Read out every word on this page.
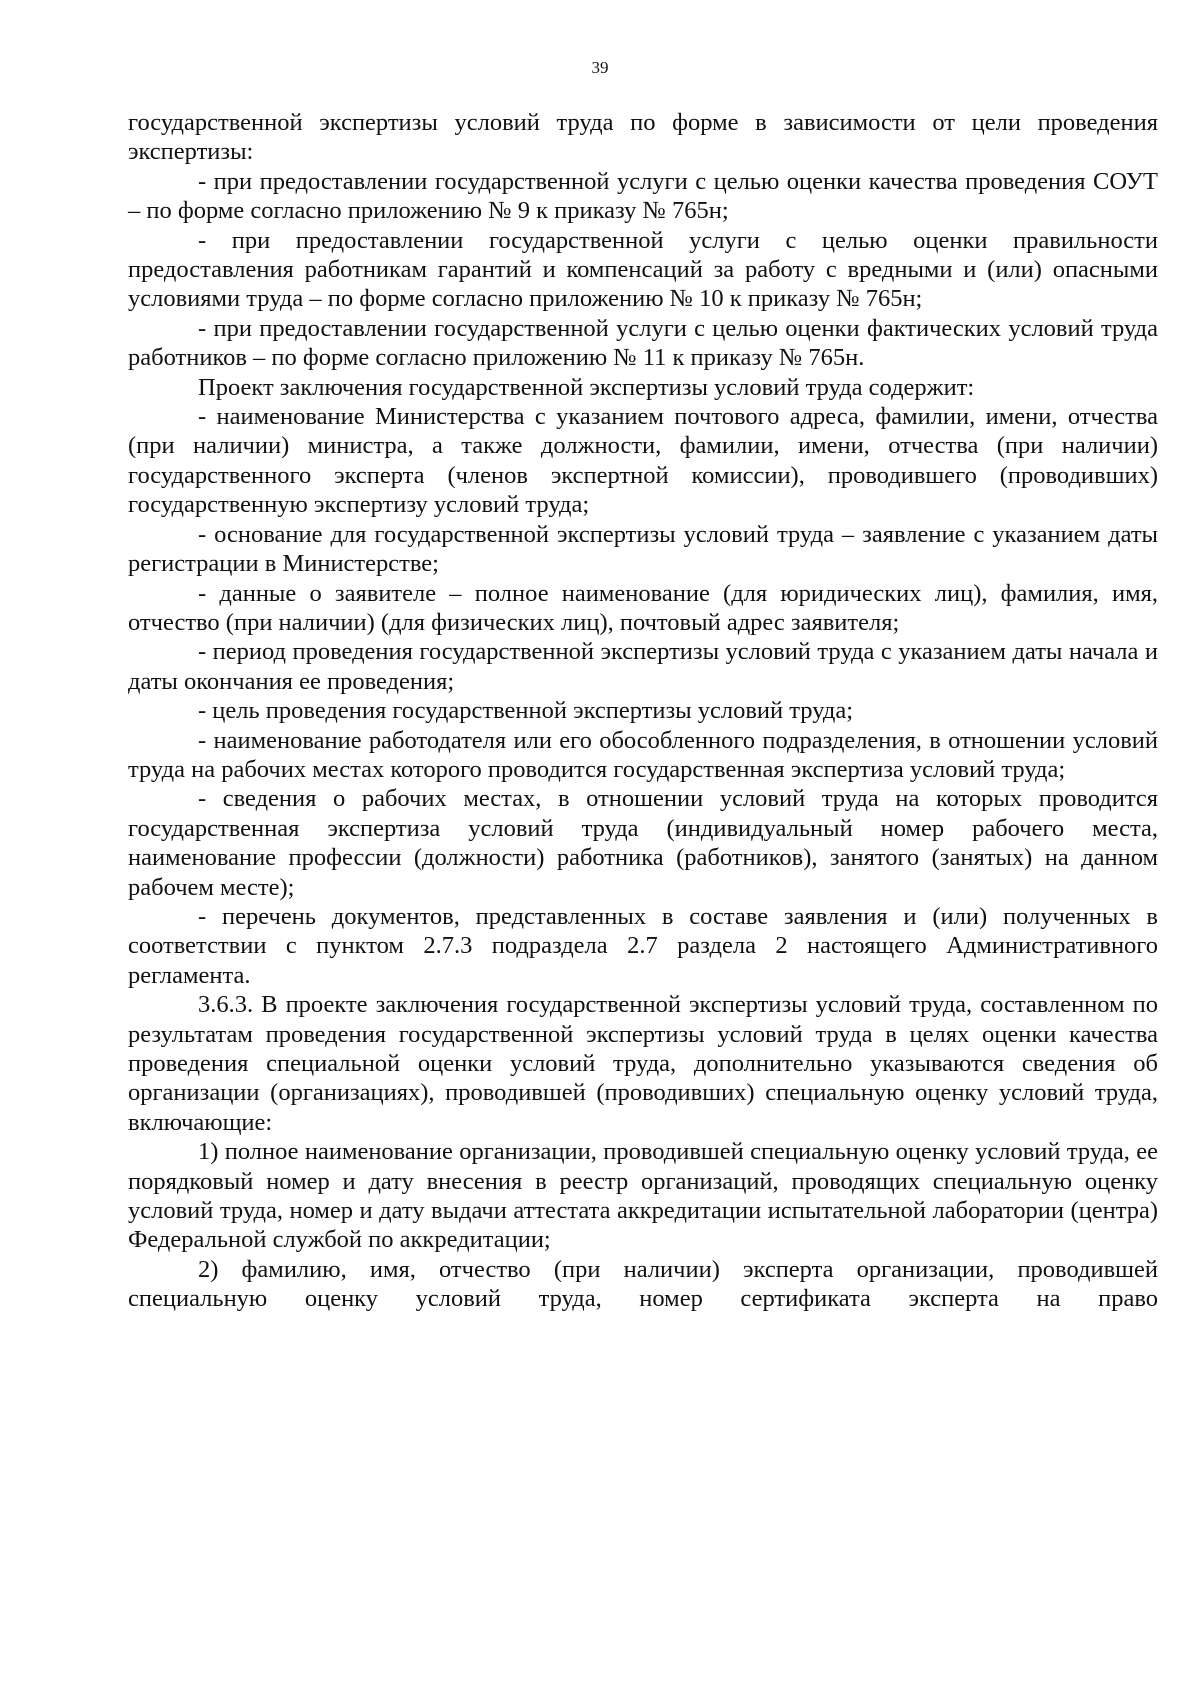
39

государственной экспертизы условий труда по форме в зависимости от цели проведения экспертизы:

- при предоставлении государственной услуги с целью оценки качества проведения СОУТ – по форме согласно приложению № 9 к приказу № 765н;

- при предоставлении государственной услуги с целью оценки правильности предоставления работникам гарантий и компенсаций за работу с вредными и (или) опасными условиями труда – по форме согласно приложению № 10 к приказу № 765н;

- при предоставлении государственной услуги с целью оценки фактических условий труда работников – по форме согласно приложению № 11 к приказу № 765н.

Проект заключения государственной экспертизы условий труда содержит:

- наименование Министерства с указанием почтового адреса, фамилии, имени, отчества (при наличии) министра, а также должности, фамилии, имени, отчества (при наличии) государственного эксперта (членов экспертной комиссии), проводившего (проводивших) государственную экспертизу условий труда;

- основание для государственной экспертизы условий труда – заявление с указанием даты регистрации в Министерстве;

- данные о заявителе – полное наименование (для юридических лиц), фамилия, имя, отчество (при наличии) (для физических лиц), почтовый адрес заявителя;

- период проведения государственной экспертизы условий труда с указанием даты начала и даты окончания ее проведения;

- цель проведения государственной экспертизы условий труда;

- наименование работодателя или его обособленного подразделения, в отношении условий труда на рабочих местах которого проводится государственная экспертиза условий труда;

- сведения о рабочих местах, в отношении условий труда на которых проводится государственная экспертиза условий труда (индивидуальный номер рабочего места, наименование профессии (должности) работника (работников), занятого (занятых) на данном рабочем месте);

- перечень документов, представленных в составе заявления и (или) полученных в соответствии с пунктом 2.7.3 подраздела 2.7 раздела 2 настоящего Административного регламента.

3.6.3. В проекте заключения государственной экспертизы условий труда, составленном по результатам проведения государственной экспертизы условий труда в целях оценки качества проведения специальной оценки условий труда, дополнительно указываются сведения об организации (организациях), проводившей (проводивших) специальную оценку условий труда, включающие:

1) полное наименование организации, проводившей специальную оценку условий труда, ее порядковый номер и дату внесения в реестр организаций, проводящих специальную оценку условий труда, номер и дату выдачи аттестата аккредитации испытательной лаборатории (центра) Федеральной службой по аккредитации;

2) фамилию, имя, отчество (при наличии) эксперта организации, проводившей специальную оценку условий труда, номер сертификата эксперта на право
